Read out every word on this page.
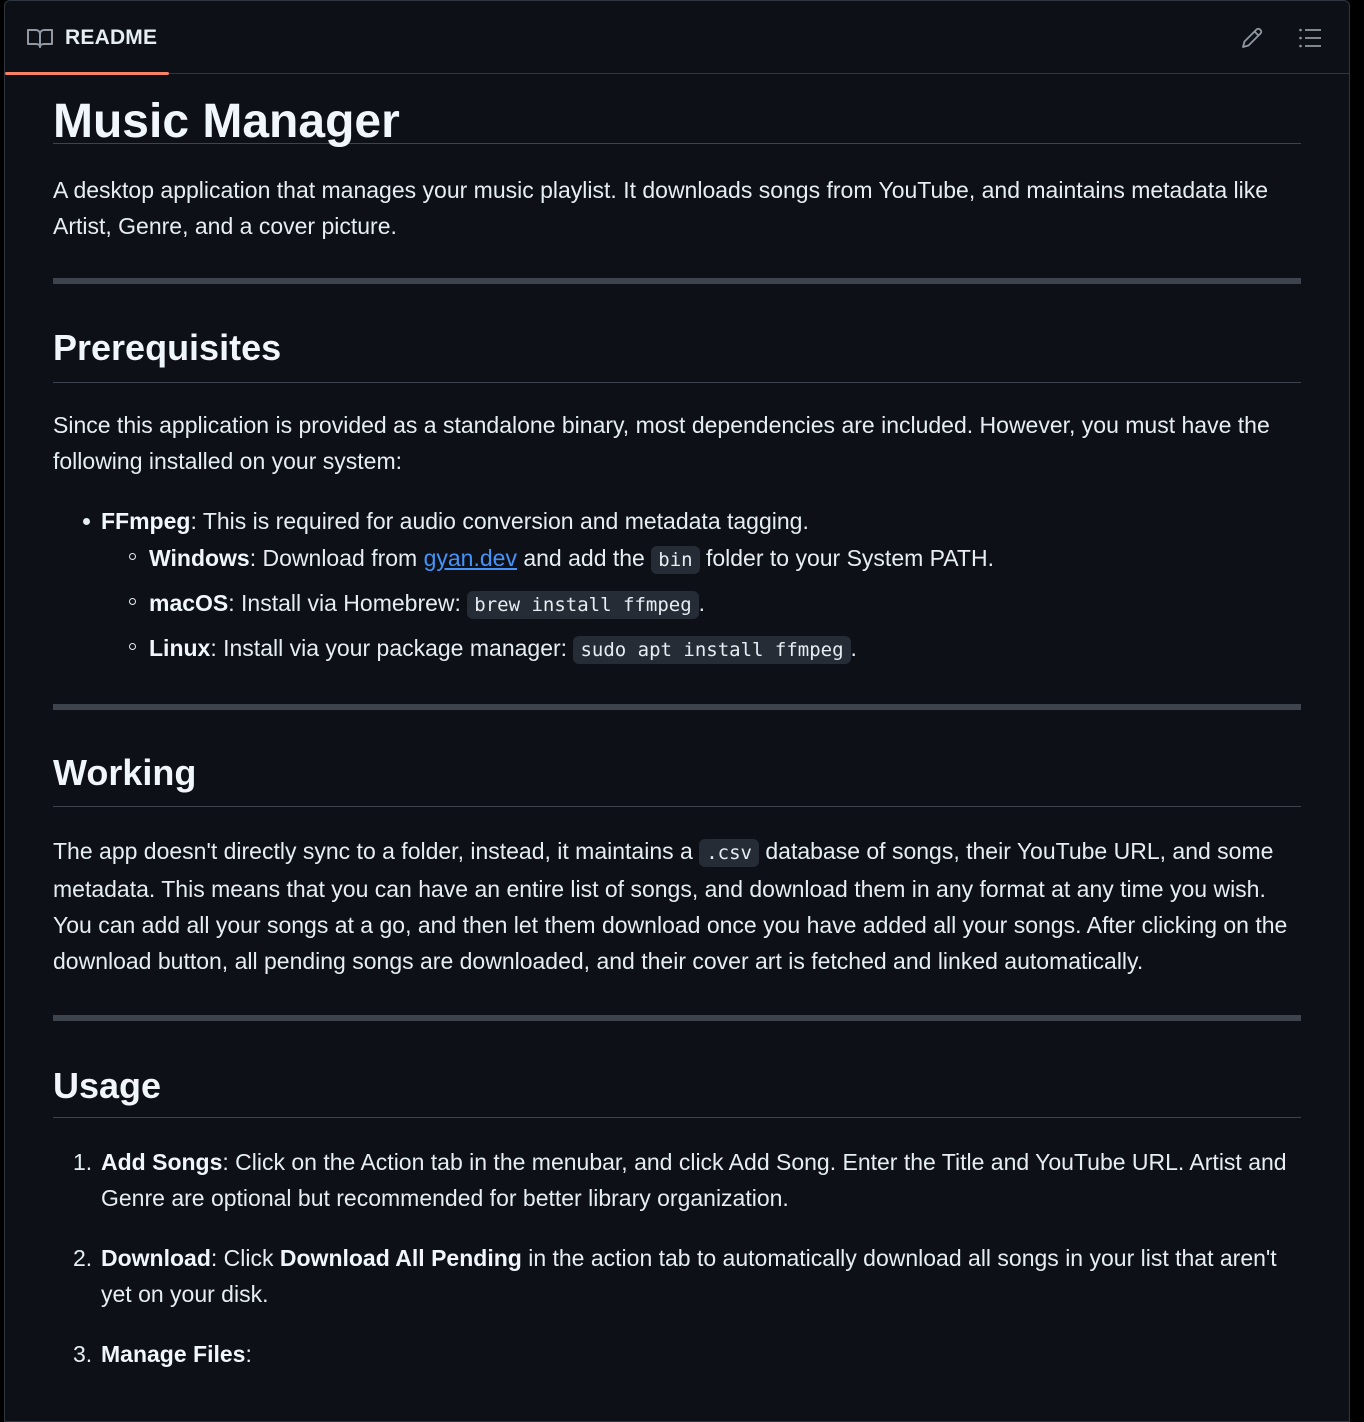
README
Music Manager

A desktop application that manages your music playlist. It downloads songs from YouTube, and maintains metadata like Artist, Genre, and a cover picture.

Prerequisites

Since this application is provided as a standalone binary, most dependencies are included. However, you must have the following installed on your system:

FFmpeg: This is required for audio conversion and metadata tagging.
Windows: Download from gyan.dev and add the bin folder to your System PATH.
macOS: Install via Homebrew: brew install ffmpeg .
Linux: Install via your package manager: sudo apt install ffmpeg .
Working

The app doesn't directly sync to a folder, instead, it maintains a .csv database of songs, their YouTube URL, and some metadata. This means that you can have an entire list of songs, and download them in any format at any time you wish. You can add all your songs at a go, and then let them download once you have added all your songs. After clicking on the download button, all pending songs are downloaded, and their cover art is fetched and linked automatically.

Usage
1. Add Songs: Click on the Action tab in the menubar, and click Add Song. Enter the Title and YouTube URL. Artist and Genre are optional but recommended for better library organization.
2. Download: Click Download All Pending in the action tab to automatically download all songs in your list that aren't yet on your disk.
3. Manage Files:
